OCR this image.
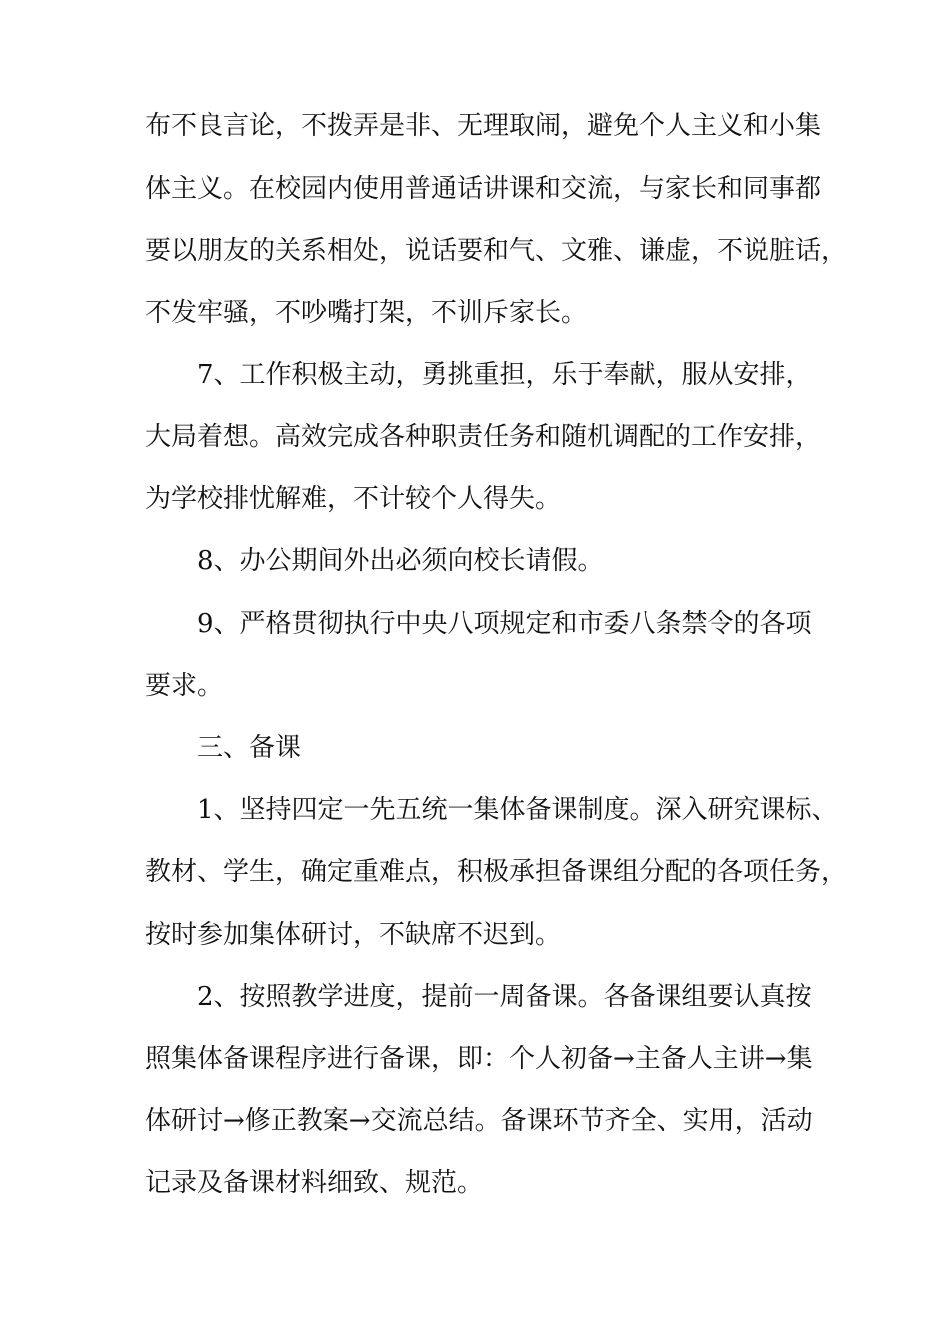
布不良言论，不拨弄是非、无理取闹，避免个人主义和小集
体主义。在校园内使用普通话讲课和交流，与家长和同事都
要以朋友的关系相处，说话要和气、文雅、谦虚，不说脏话，
不发牢骚，不吵嘴打架，不训斥家长。
7、工作积极主动，勇挑重担，乐于奉献，服从安排，
大局着想。高效完成各种职责任务和随机调配的工作安排，
为学校排忧解难，不计较个人得失。
8、办公期间外出必须向校长请假。
9、严格贯彻执行中央八项规定和市委八条禁令的各项
要求。
三、备课
1、坚持四定一先五统一集体备课制度。深入研究课标、
教材、学生，确定重难点，积极承担备课组分配的各项任务，
按时参加集体研讨，不缺席不迟到。
2、按照教学进度，提前一周备课。各备课组要认真按
照集体备课程序进行备课，即：个人初备→主备人主讲→集
体研讨→修正教案→交流总结。备课环节齐全、实用，活动
记录及备课材料细致、规范。
